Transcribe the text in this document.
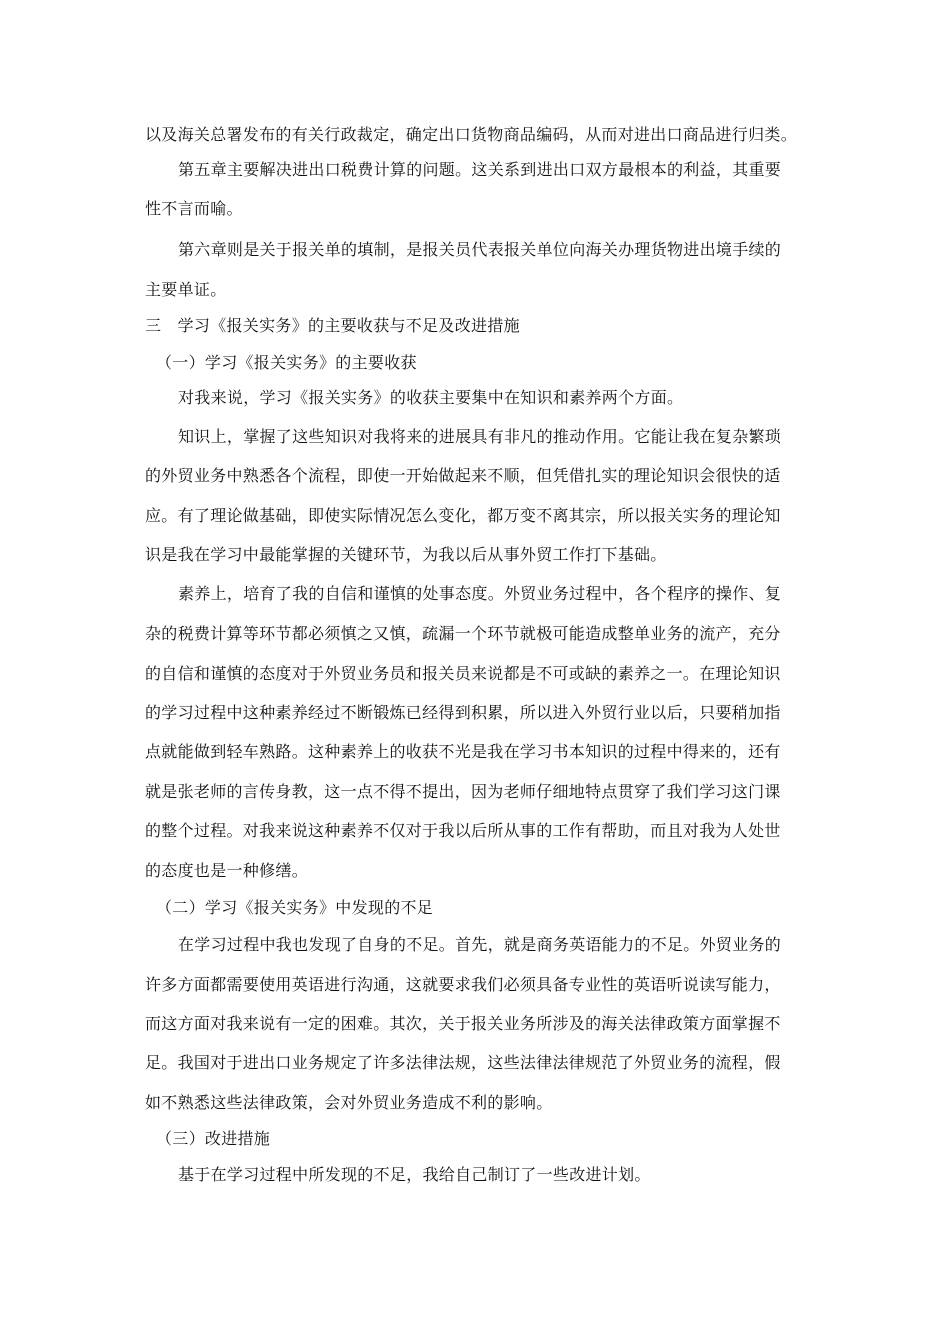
以及海关总署发布的有关行政裁定，确定出口货物商品编码，从而对进出口商品进行归类。
第五章主要解决进出口税费计算的问题。这关系到进出口双方最根本的利益，其重要
性不言而喻。
第六章则是关于报关单的填制，是报关员代表报关单位向海关办理货物进出境手续的
主要单证。
三　学习《报关实务》的主要收获与不足及改进措施
（一）学习《报关实务》的主要收获
对我来说，学习《报关实务》的收获主要集中在知识和素养两个方面。
知识上，掌握了这些知识对我将来的进展具有非凡的推动作用。它能让我在复杂繁琐
的外贸业务中熟悉各个流程，即使一开始做起来不顺，但凭借扎实的理论知识会很快的适
应。有了理论做基础，即使实际情况怎么变化，都万变不离其宗，所以报关实务的理论知
识是我在学习中最能掌握的关键环节，为我以后从事外贸工作打下基础。
素养上，培育了我的自信和谨慎的处事态度。外贸业务过程中，各个程序的操作、复
杂的税费计算等环节都必须慎之又慎，疏漏一个环节就极可能造成整单业务的流产，充分
的自信和谨慎的态度对于外贸业务员和报关员来说都是不可或缺的素养之一。在理论知识
的学习过程中这种素养经过不断锻炼已经得到积累，所以进入外贸行业以后，只要稍加指
点就能做到轻车熟路。这种素养上的收获不光是我在学习书本知识的过程中得来的，还有
就是张老师的言传身教，这一点不得不提出，因为老师仔细地特点贯穿了我们学习这门课
的整个过程。对我来说这种素养不仅对于我以后所从事的工作有帮助，而且对我为人处世
的态度也是一种修缮。
（二）学习《报关实务》中发现的不足
在学习过程中我也发现了自身的不足。首先，就是商务英语能力的不足。外贸业务的
许多方面都需要使用英语进行沟通，这就要求我们必须具备专业性的英语听说读写能力，
而这方面对我来说有一定的困难。其次，关于报关业务所涉及的海关法律政策方面掌握不
足。我国对于进出口业务规定了许多法律法规，这些法律法律规范了外贸业务的流程，假
如不熟悉这些法律政策，会对外贸业务造成不利的影响。
（三）改进措施
基于在学习过程中所发现的不足，我给自己制订了一些改进计划。
